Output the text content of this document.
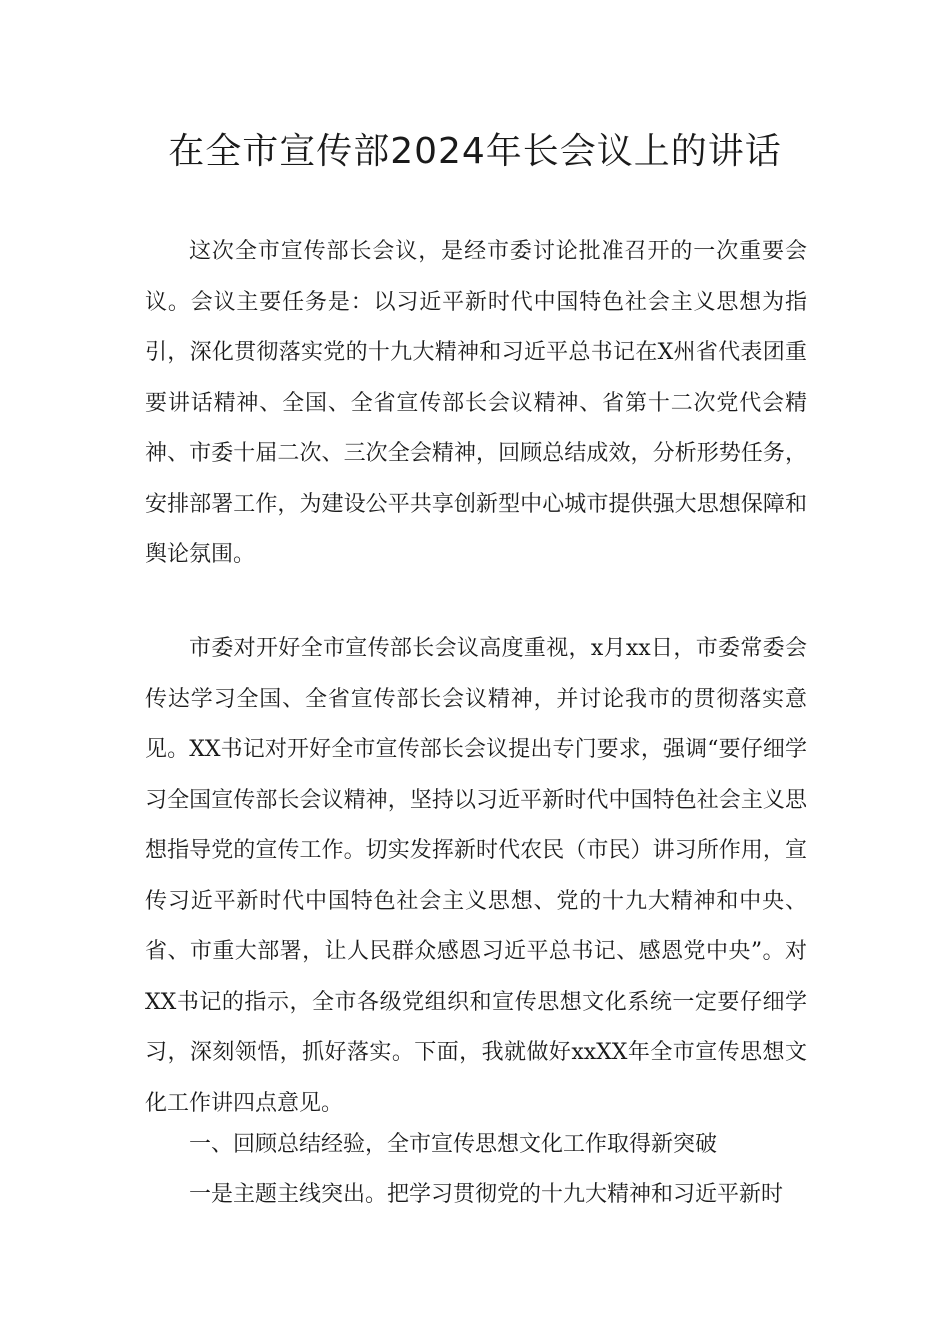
在全市宣传部2024年长会议上的讲话

这次全市宣传部长会议，是经市委讨论批准召开的一次重要会议。会议主要任务是：以习近平新时代中国特色社会主义思想为指引，深化贯彻落实党的十九大精神和习近平总书记在X州省代表团重要讲话精神、全国、全省宣传部长会议精神、省第十二次党代会精神、市委十届二次、三次全会精神，回顾总结成效，分析形势任务，安排部署工作，为建设公平共享创新型中心城市提供强大思想保障和舆论氛围。

市委对开好全市宣传部长会议高度重视，x月xx日，市委常委会传达学习全国、全省宣传部长会议精神，并讨论我市的贯彻落实意见。XX书记对开好全市宣传部长会议提出专门要求，强调“要仔细学习全国宣传部长会议精神，坚持以习近平新时代中国特色社会主义思想指导党的宣传工作。切实发挥新时代农民（市民）讲习所作用，宣传习近平新时代中国特色社会主义思想、党的十九大精神和中央、省、市重大部署，让人民群众感恩习近平总书记、感恩党中央”。对XX书记的指示，全市各级党组织和宣传思想文化系统一定要仔细学习，深刻领悟，抓好落实。下面，我就做好xxXX年全市宣传思想文化工作讲四点意见。

一、回顾总结经验，全市宣传思想文化工作取得新突破

一是主题主线突出。把学习贯彻党的十九大精神和习近平新时
